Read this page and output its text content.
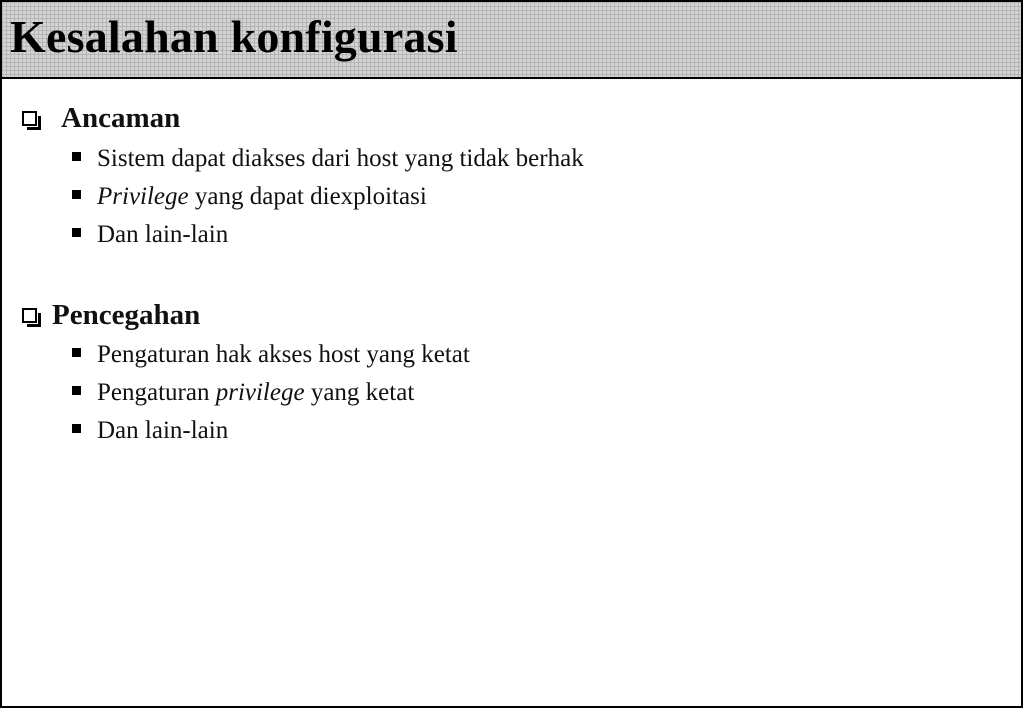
Kesalahan konfigurasi
Ancaman
Sistem dapat diakses dari host yang tidak berhak
Privilege yang dapat diexploitasi
Dan lain-lain
Pencegahan
Pengaturan hak akses host yang ketat
Pengaturan privilege yang ketat
Dan lain-lain
